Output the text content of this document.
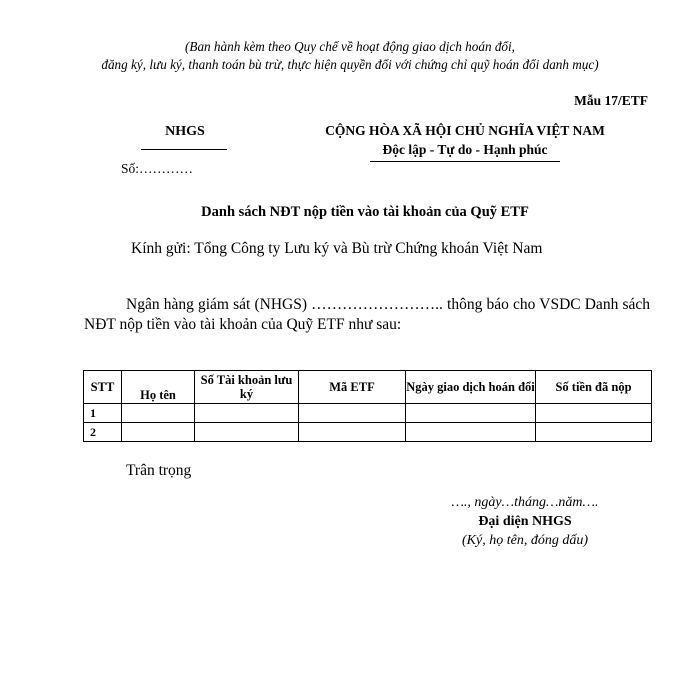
(Ban hành kèm theo Quy chế về hoạt động giao dịch hoán đổi,
đăng ký, lưu ký, thanh toán bù trừ, thực hiện quyền đối với chứng chỉ quỹ hoán đổi danh mục)
Mẫu 17/ETF
NHGS
Số:…………
CỘNG HÒA XÃ HỘI CHỦ NGHĨA VIỆT NAM
Độc lập - Tự do - Hạnh phúc
Danh sách NĐT nộp tiền vào tài khoản của Quỹ ETF
Kính gửi: Tổng Công ty Lưu ký và Bù trừ Chứng khoán Việt Nam
Ngân hàng giám sát (NHGS) …………………….. thông báo cho VSDC Danh sách NĐT nộp tiền vào tài khoản của Quỹ ETF như sau:
STT	Họ tên	Số Tài khoản lưu ký	Mã ETF	Ngày giao dịch hoán đổi	Số tiền đã nộp
1					
2					
Trân trọng
…., ngày…tháng…năm….
Đại diện NHGS
(Ký, họ tên, đóng dấu)
